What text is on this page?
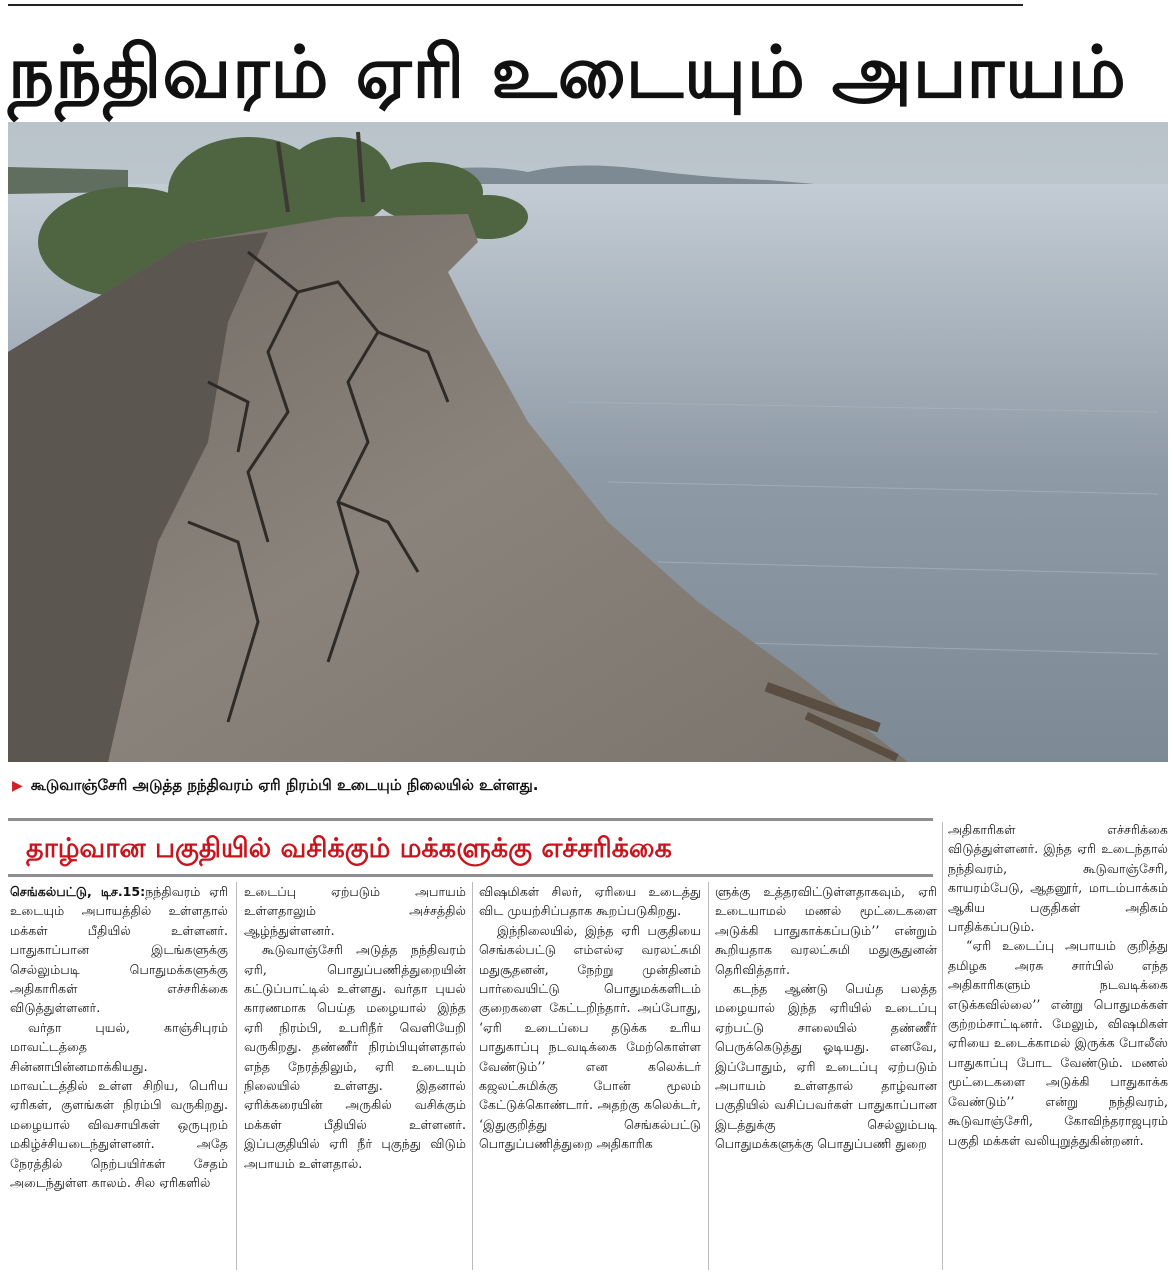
நந்திவரம் ஏரி உடையும் அபாயம்
▶ கூடுவாஞ்சேரி அடுத்த நந்திவரம் ஏரி நிரம்பி உடையும் நிலையில் உள்ளது.
தாழ்வான பகுதியில் வசிக்கும் மக்களுக்கு எச்சரிக்கை

அதிகாரிகள் எச்சரிக்கை விடுத்துள்ளனர். இந்த ஏரி உடைந்தால் நந்திவரம், கூடுவாஞ்சேரி, காயரம்பேடு, ஆதனூர், மாடம்பாக்கம் ஆகிய பகுதிகள் அதிகம் பாதிக்கப்படும்.

“ஏரி உடைப்பு அபாயம் குறித்து தமிழக அரசு சார்பில் எந்த அதிகாரிகளும் நடவடிக்கை எடுக்கவில்லை’’ என்று பொதுமக்கள் குற்றம்சாட்டினர். மேலும், விஷமிகள் ஏரியை உடைக்காமல் இருக்க போலீஸ் பாதுகாப்பு போட வேண்டும். மணல் மூட்டைகளை அடுக்கி பாதுகாக்க வேண்டும்’’ என்று நந்திவரம், கூடுவாஞ்சேரி, கோவிந்தராஜபுரம் பகுதி மக்கள் வலியுறுத்துகின்றனர்.

செங்கல்பட்டு, டிச.15:நந்திவரம் ஏரி உடையும் அபாயத்தில் உள்ளதால் மக்கள் பீதியில் உள்ளனர். பாதுகாப்பான இடங்களுக்கு செல்லும்படி பொதுமக்களுக்கு அதிகாரிகள் எச்சரிக்கை விடுத்துள்ளனர்.

வர்தா புயல், காஞ்சிபுரம் மாவட்டத்தை சின்னாபின்னமாக்கியது. மாவட்டத்தில் உள்ள சிறிய, பெரிய ஏரிகள், குளங்கள் நிரம்பி வருகிறது. மழையால் விவசாயிகள் ஒருபுறம் மகிழ்ச்சியடைந்துள்ளனர். அதே நேரத்தில் நெற்பயிர்கள் சேதம் அடைந்துள்ள காலம். சில ஏரிகளில்

உடைப்பு ஏற்படும் அபாயம் உள்ளதாலும் அச்சத்தில் ஆழ்ந்துள்ளனர்.

கூடுவாஞ்சேரி அடுத்த நந்திவரம் ஏரி, பொதுப்பணித்துறையின் கட்டுப்பாட்டில் உள்ளது. வர்தா புயல் காரணமாக பெய்த மழையால் இந்த ஏரி நிரம்பி, உபரிநீர் வெளியேறி வருகிறது. தண்ணீர் நிரம்பியுள்ளதால் எந்த நேரத்திலும், ஏரி உடையும் நிலையில் உள்ளது. இதனால் ஏரிக்கரையின் அருகில் வசிக்கும் மக்கள் பீதியில் உள்ளனர். இப்பகுதியில் ஏரி நீர் புகுந்து விடும் அபாயம் உள்ளதால்.

விஷமிகள் சிலர், ஏரியை உடைத்து விட முயற்சிப்பதாக கூறப்படுகிறது.

இந்நிலையில், இந்த ஏரி பகுதியை செங்கல்பட்டு எம்எல்ஏ வரலட்சுமி மதுசூதனன், நேற்று முன்தினம் பார்வையிட்டு பொதுமக்களிடம் குறைகளை கேட்டறிந்தார். அப்போது, ‘ஏரி உடைப்பை தடுக்க உரிய பாதுகாப்பு நடவடிக்கை மேற்கொள்ள வேண்டும்’’ என கலெக்டர் கஜலட்சுமிக்கு போன் மூலம் கேட்டுக்கொண்டார். அதற்கு கலெக்டர், ‘இதுகுறித்து செங்கல்பட்டு பொதுப்பணித்துறை அதிகாரிக

ளுக்கு உத்தரவிட்டுள்ளதாகவும், ஏரி உடையாமல் மணல் மூட்டைகளை அடுக்கி பாதுகாக்கப்படும்’’ என்றும் கூறியதாக வரலட்சுமி மதுசூதுனன் தெரிவித்தார்.

கடந்த ஆண்டு பெய்த பலத்த மழையால் இந்த ஏரியில் உடைப்பு ஏற்பட்டு சாலையில் தண்ணீர் பெருக்கெடுத்து ஓடியது. எனவே, இப்போதும், ஏரி உடைப்பு ஏற்படும் அபாயம் உள்ளதால் தாழ்வான பகுதியில் வசிப்பவர்கள் பாதுகாப்பான இடத்துக்கு செல்லும்படி பொதுமக்களுக்கு பொதுப்பணி துறை
